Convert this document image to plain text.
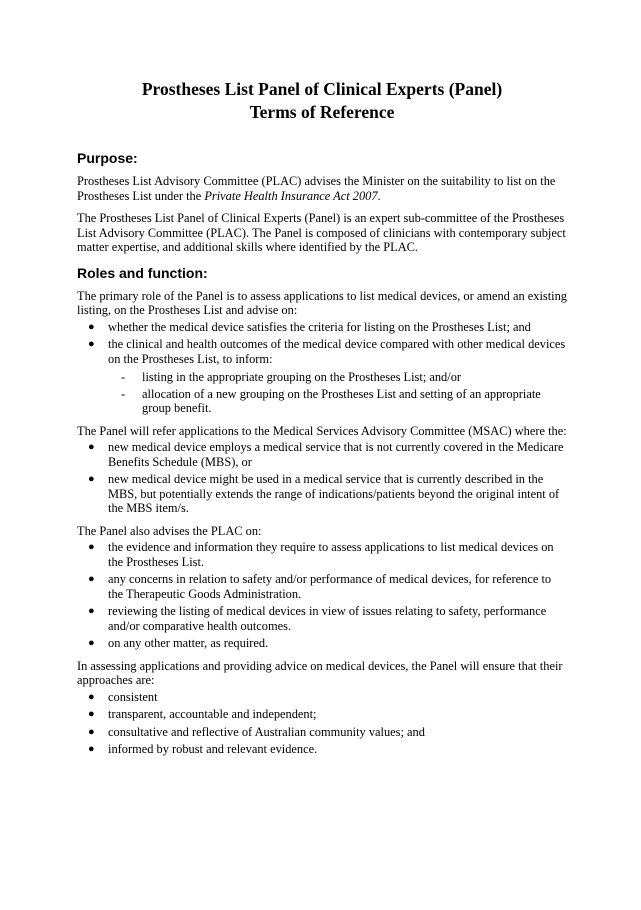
Prostheses List Panel of Clinical Experts (Panel)
Terms of Reference
Purpose:

Prostheses List Advisory Committee (PLAC) advises the Minister on the suitability to list on the Prostheses List under the Private Health Insurance Act 2007.

The Prostheses List Panel of Clinical Experts (Panel) is an expert sub-committee of the Prostheses List Advisory Committee (PLAC). The Panel is composed of clinicians with contemporary subject matter expertise, and additional skills where identified by the PLAC.

Roles and function:

The primary role of the Panel is to assess applications to list medical devices, or amend an existing listing, on the Prostheses List and advise on:

● whether the medical device satisfies the criteria for listing on the Prostheses List; and
● the clinical and health outcomes of the medical device compared with other medical devices on the Prostheses List, to inform:
- listing in the appropriate grouping on the Prostheses List; and/or
- allocation of a new grouping on the Prostheses List and setting of an appropriate group benefit.

The Panel will refer applications to the Medical Services Advisory Committee (MSAC) where the:

● new medical device employs a medical service that is not currently covered in the Medicare Benefits Schedule (MBS), or
● new medical device might be used in a medical service that is currently described in the MBS, but potentially extends the range of indications/patients beyond the original intent of the MBS item/s.

The Panel also advises the PLAC on:

● the evidence and information they require to assess applications to list medical devices on the Prostheses List.
● any concerns in relation to safety and/or performance of medical devices, for reference to the Therapeutic Goods Administration.
● reviewing the listing of medical devices in view of issues relating to safety, performance and/or comparative health outcomes.
● on any other matter, as required.

In assessing applications and providing advice on medical devices, the Panel will ensure that their approaches are:

● consistent
● transparent, accountable and independent;
● consultative and reflective of Australian community values; and
● informed by robust and relevant evidence.
